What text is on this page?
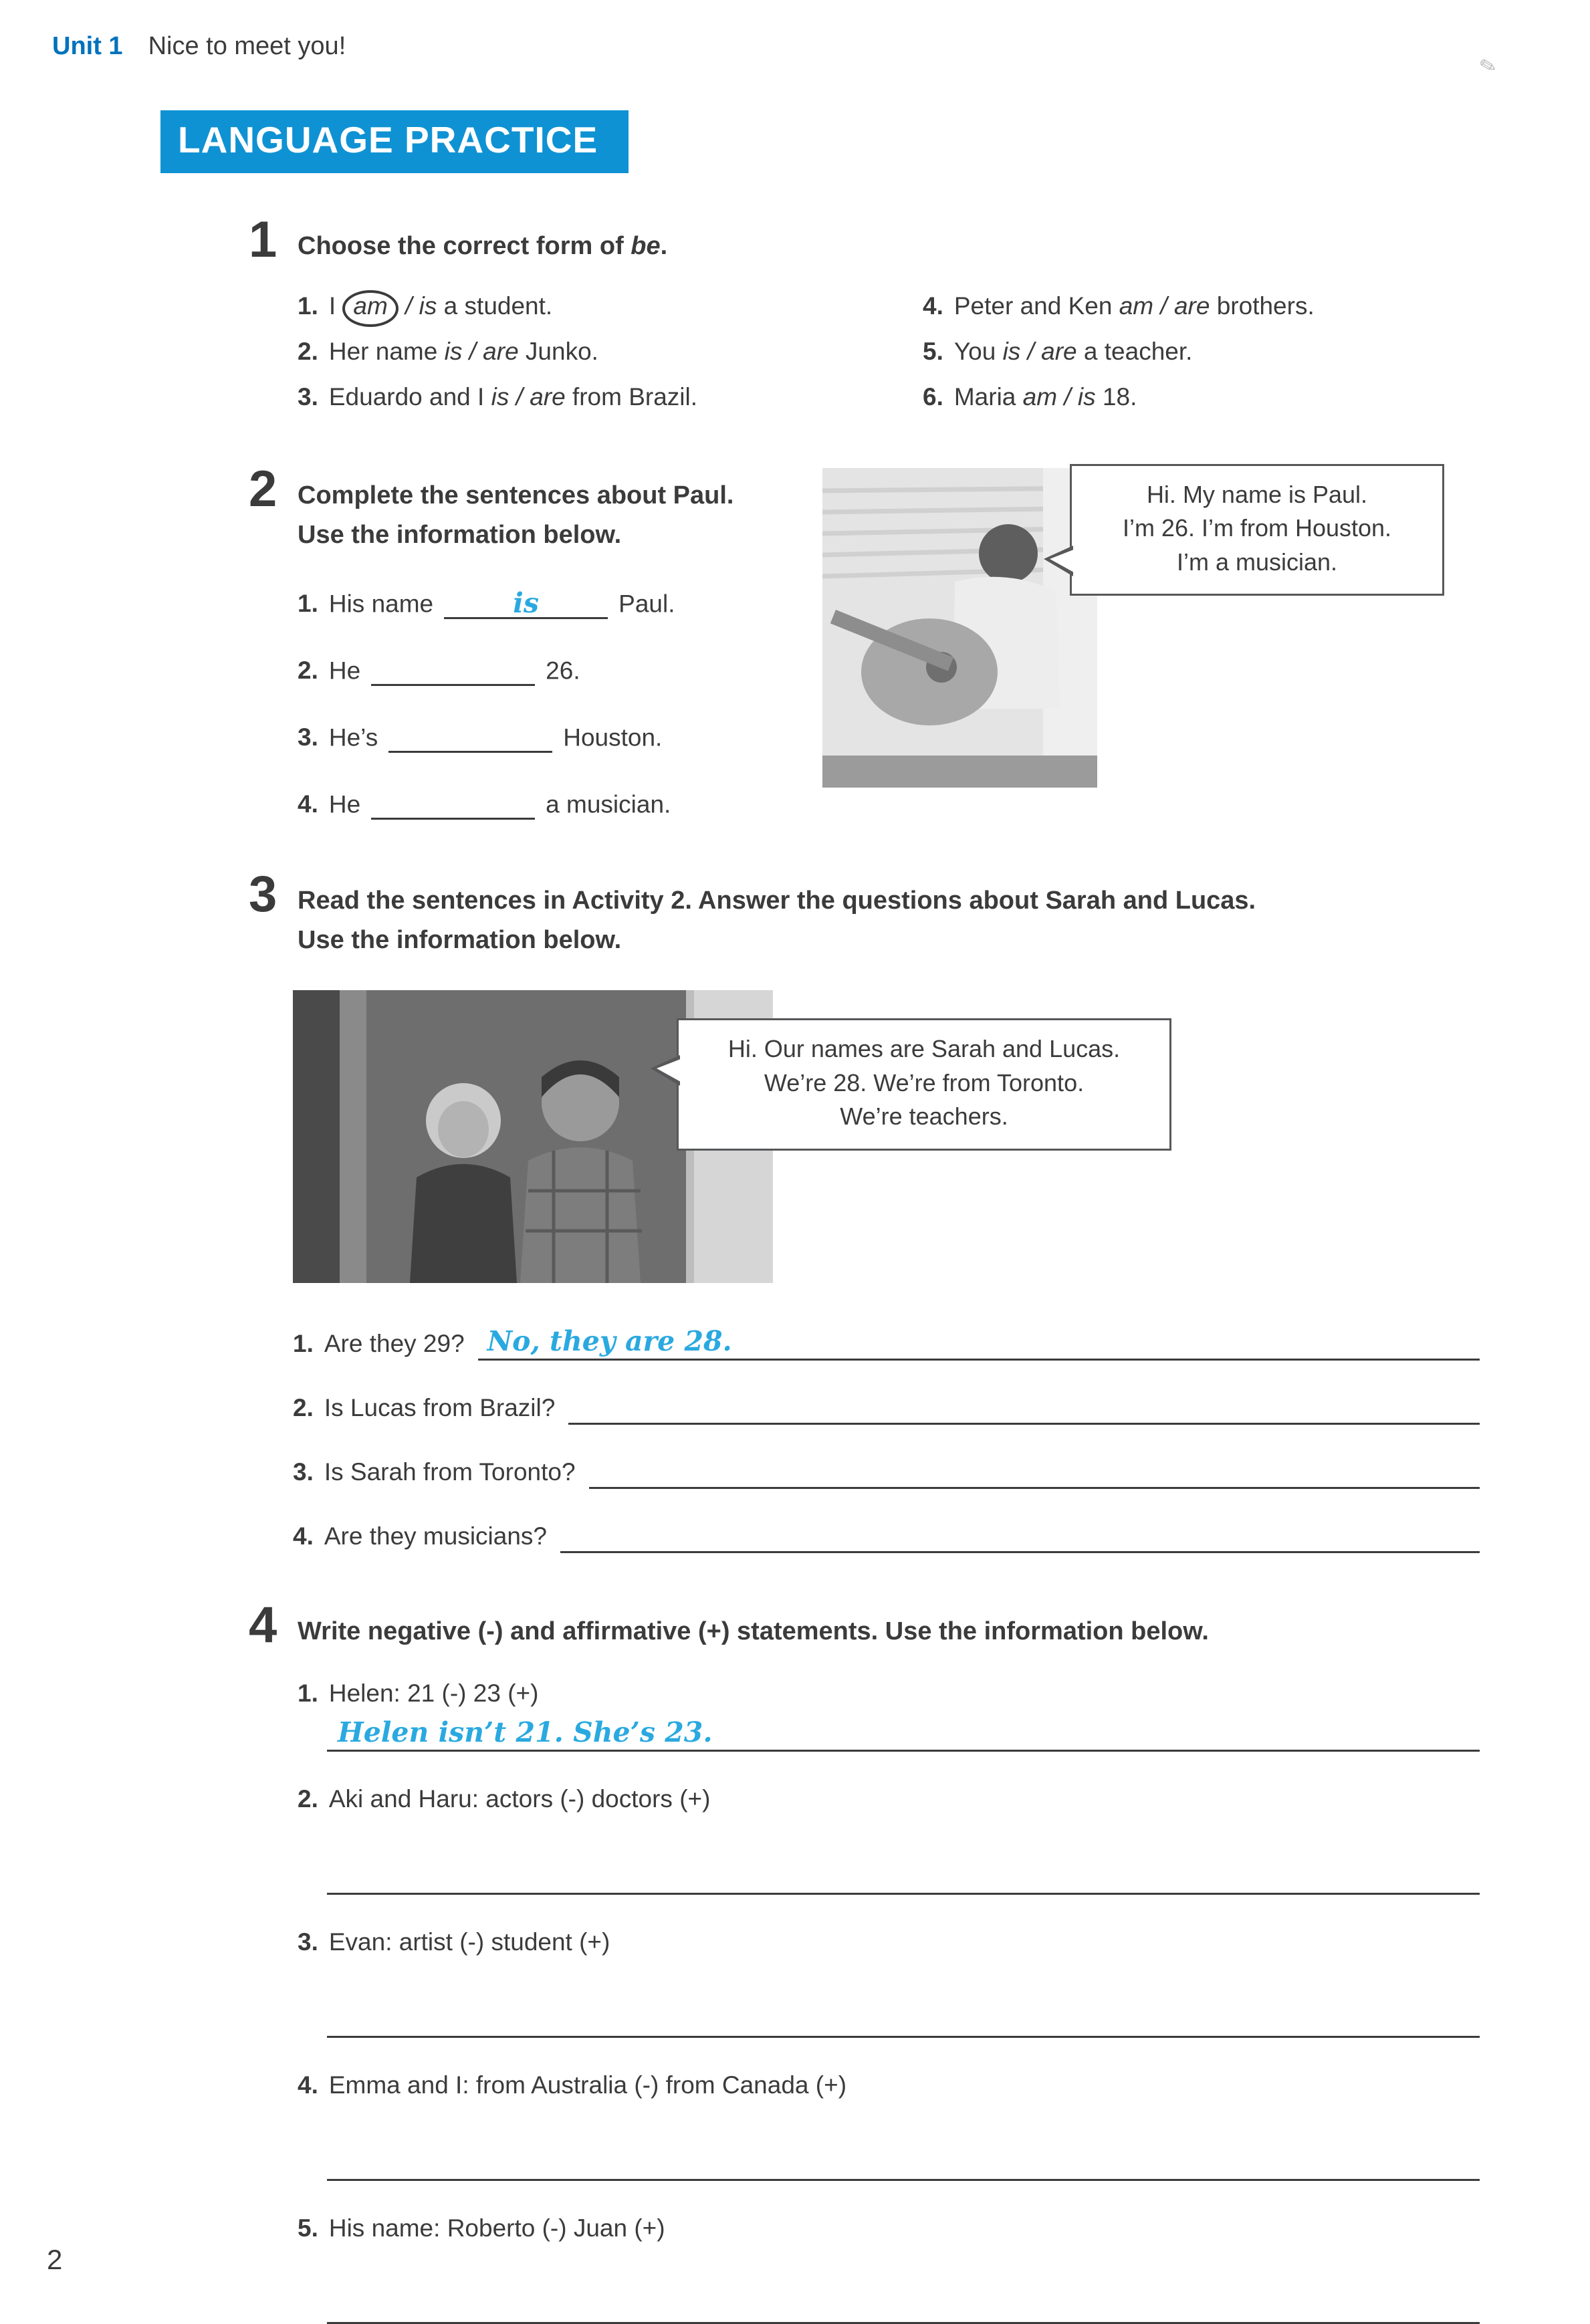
Unit 1 Nice to meet you!
✎
LANGUAGE PRACTICE
1 Choose the correct form of be.
1. I am / is a student.
2. Her name is / are Junko.
3. Eduardo and I is / are from Brazil.
4. Peter and Ken am / are brothers.
5. You is / are a teacher.
6. Maria am / is 18.
2 Complete the sentences about Paul.
Use the information below.
1. His name	is	Paul.
2. He	26.
3. He’s	Houston.
4. He	a musician.
Hi. My name is Paul.
I’m 26. I’m from Houston.
I’m a musician.
3 Read the sentences in Activity 2. Answer the questions about Sarah and Lucas.
Use the information below.
Hi. Our names are Sarah and Lucas.
We’re 28. We’re from Toronto.
We’re teachers.
1. Are they 29? No, they are 28.
2. Is Lucas from Brazil?
3. Is Sarah from Toronto?
4. Are they musicians?
4 Write negative (-) and affirmative (+) statements. Use the information below.
1. Helen: 21 (-) 23 (+)
Helen isn’t 21. She’s 23.
2. Aki and Haru: actors (-) doctors (+)
3. Evan: artist (-) student (+)
4. Emma and I: from Australia (-) from Canada (+)
5. His name: Roberto (-) Juan (+)
2
